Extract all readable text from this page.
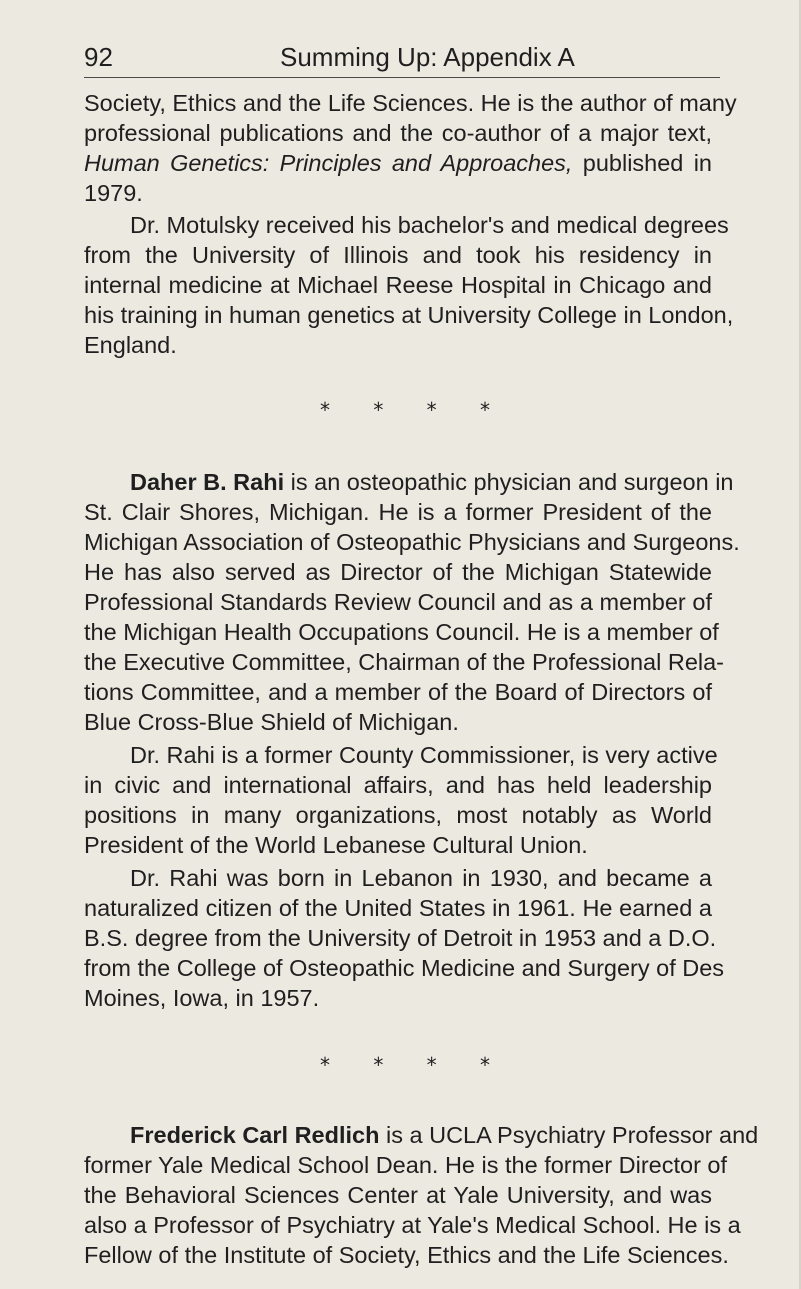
92	Summing Up: Appendix A
Society, Ethics and the Life Sciences. He is the author of many
professional publications and the co-author of a major text,
Human Genetics: Principles and Approaches, published in
1979.
Dr. Motulsky received his bachelor's and medical degrees
from the University of Illinois and took his residency in
internal medicine at Michael Reese Hospital in Chicago and
his training in human genetics at University College in London,
England.
* * * *
Daher B. Rahi is an osteopathic physician and surgeon in
St. Clair Shores, Michigan. He is a former President of the
Michigan Association of Osteopathic Physicians and Surgeons.
He has also served as Director of the Michigan Statewide
Professional Standards Review Council and as a member of
the Michigan Health Occupations Council. He is a member of
the Executive Committee, Chairman of the Professional Rela-
tions Committee, and a member of the Board of Directors of
Blue Cross-Blue Shield of Michigan.
Dr. Rahi is a former County Commissioner, is very active
in civic and international affairs, and has held leadership
positions in many organizations, most notably as World
President of the World Lebanese Cultural Union.
Dr. Rahi was born in Lebanon in 1930, and became a
naturalized citizen of the United States in 1961. He earned a
B.S. degree from the University of Detroit in 1953 and a D.O.
from the College of Osteopathic Medicine and Surgery of Des
Moines, Iowa, in 1957.
* * * *
Frederick Carl Redlich is a UCLA Psychiatry Professor and
former Yale Medical School Dean. He is the former Director of
the Behavioral Sciences Center at Yale University, and was
also a Professor of Psychiatry at Yale's Medical School. He is a
Fellow of the Institute of Society, Ethics and the Life Sciences.
